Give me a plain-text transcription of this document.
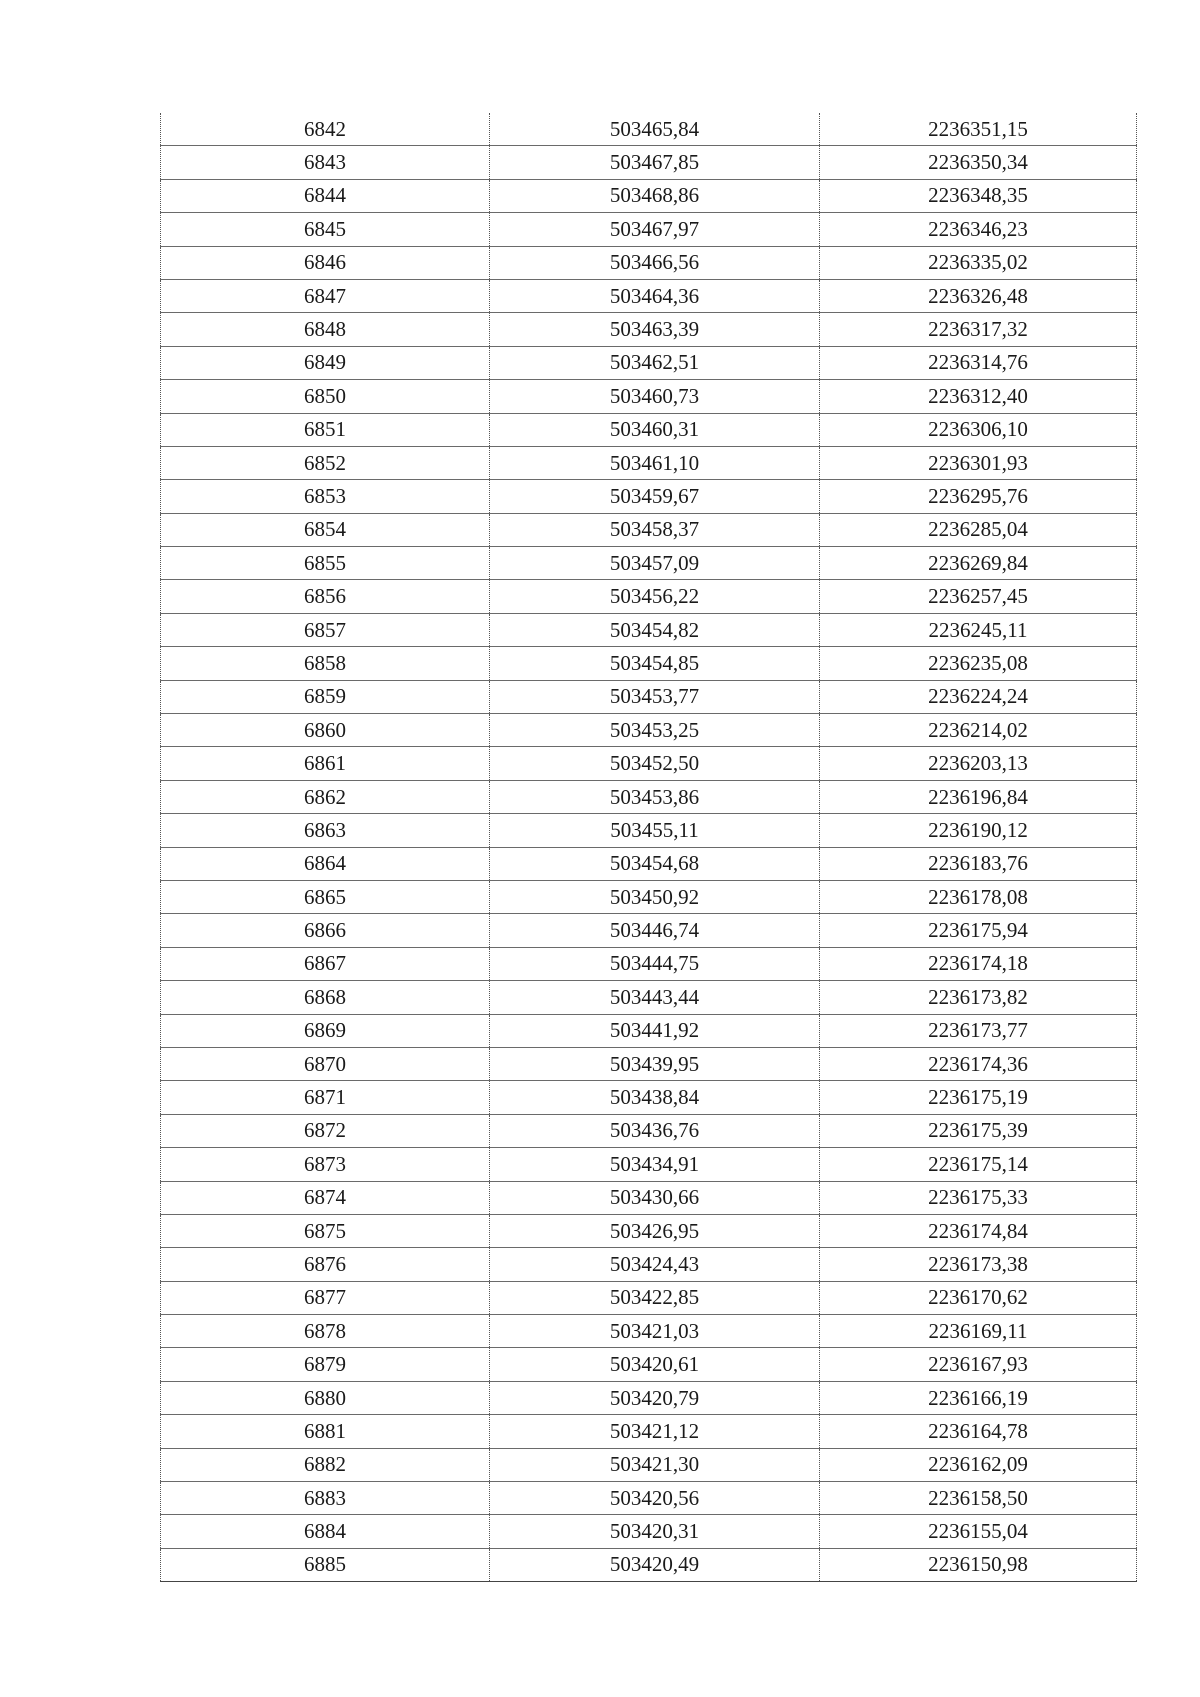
6842	503465,84	2236351,15
6843	503467,85	2236350,34
6844	503468,86	2236348,35
6845	503467,97	2236346,23
6846	503466,56	2236335,02
6847	503464,36	2236326,48
6848	503463,39	2236317,32
6849	503462,51	2236314,76
6850	503460,73	2236312,40
6851	503460,31	2236306,10
6852	503461,10	2236301,93
6853	503459,67	2236295,76
6854	503458,37	2236285,04
6855	503457,09	2236269,84
6856	503456,22	2236257,45
6857	503454,82	2236245,11
6858	503454,85	2236235,08
6859	503453,77	2236224,24
6860	503453,25	2236214,02
6861	503452,50	2236203,13
6862	503453,86	2236196,84
6863	503455,11	2236190,12
6864	503454,68	2236183,76
6865	503450,92	2236178,08
6866	503446,74	2236175,94
6867	503444,75	2236174,18
6868	503443,44	2236173,82
6869	503441,92	2236173,77
6870	503439,95	2236174,36
6871	503438,84	2236175,19
6872	503436,76	2236175,39
6873	503434,91	2236175,14
6874	503430,66	2236175,33
6875	503426,95	2236174,84
6876	503424,43	2236173,38
6877	503422,85	2236170,62
6878	503421,03	2236169,11
6879	503420,61	2236167,93
6880	503420,79	2236166,19
6881	503421,12	2236164,78
6882	503421,30	2236162,09
6883	503420,56	2236158,50
6884	503420,31	2236155,04
6885	503420,49	2236150,98
